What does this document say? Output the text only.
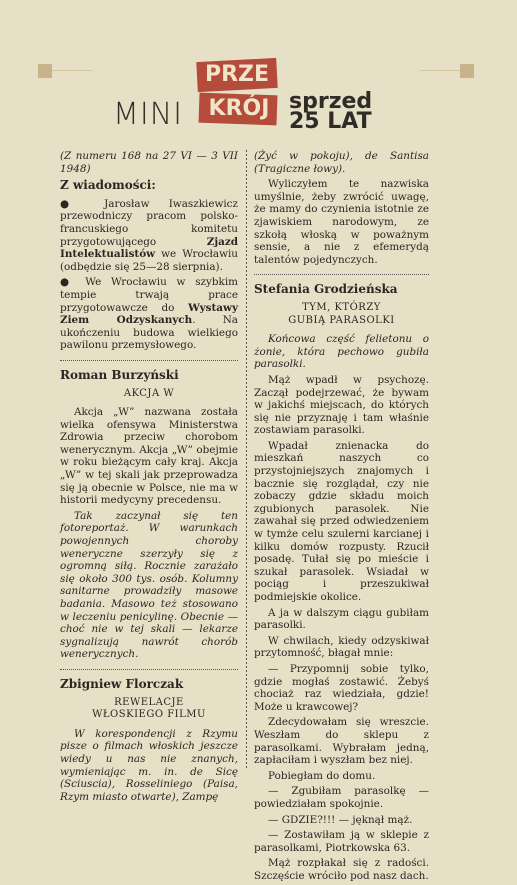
MINI
PRZE
KRÓJ sprzed
25 LAT

(Z numeru 168 na 27 VI — 3 VII 1948)

Z wiadomości:

● Jarosław Iwaszkiewicz przewodniczy pracom polsko-francuskiego komitetu przygotowującego Zjazd Intelektualistów we Wrocławiu (odbędzie się 25—28 sierpnia).

● We Wrocławiu w szybkim tempie trwają prace przygotowawcze do Wystawy Ziem Odzyskanych. Na ukończeniu budowa wielkiego pawilonu przemysłowego.

Roman Burzyński
AKCJA W

Akcja „W” nazwana została wielka ofensywa Ministerstwa Zdrowia przeciw chorobom wenerycznym. Akcja „W” obejmie w roku bieżącym cały kraj. Akcja „W” w tej skali jak przeprowadza się ją obecnie w Polsce, nie ma w historii medycyny precedensu.

Tak zaczynał się ten fotoreportaż. W warunkach powojennych choroby weneryczne szerzyły się z ogromną siłą. Rocznie zarażało się około 300 tys. osób. Kolumny sanitarne prowadziły masowe badania. Masowo też stosowano w leczeniu penicylinę. Obecnie — choć nie w tej skali — lekarze sygnalizują nawrót chorób wenerycznych.

Zbigniew Florczak
REWELACJE
WŁOSKIEGO FILMU

W korespondencji z Rzymu pisze o filmach włoskich jeszcze wiedy u nas nie znanych, wymieniając m. in. de Sicę (Sciuscia), Rosseliniego (Paisa, Rzym miasto otwarte), Zampę

(Żyć w pokoju), de Santisa (Tragiczne łowy).

Wyliczyłem te nazwiska umyślnie, żeby zwrócić uwagę, że mamy do czynienia istotnie ze zjawiskiem narodowym, ze szkołą włoską w poważnym sensie, a nie z efemerydą talentów pojedynczych.

Stefania Grodzieńska
TYM, KTÓRZY
GUBIĄ PARASOLKI

Końcowa część felietonu o żonie, która pechowo gubiła parasolki.

Mąż wpadł w psychozę. Zaczął podejrzewać, że bywam w jakichś miejscach, do których się nie przyznaję i tam właśnie zostawiam parasolki.

Wpadał znienacka do mieszkań naszych co przystojniejszych znajomych i bacznie się rozglądał, czy nie zobaczy gdzie składu moich zgubionych parasolek. Nie zawahał się przed odwiedzeniem w tymże celu szulerni karcianej i kilku domów rozpusty. Rzucił posadę. Tułał się po mieście i szukał parasolek. Wsiadał w pociąg i przeszukiwał podmiejskie okolice.

A ja w dalszym ciągu gubiłam parasolki.

W chwilach, kiedy odzyskiwał przytomność, błagał mnie:

— Przypomnij sobie tylko, gdzie mogłaś zostawić. Żebyś chociaż raz wiedziała, gdzie! Może u krawcowej?

Zdecydowałam się wreszcie. Weszłam do sklepu z parasolkami. Wybrałam jedną, zapłaciłam i wyszłam bez niej.

Pobiegłam do domu.

— Zgubiłam parasolkę — powiedziałam spokojnie.

— GDZIE?!!! — jęknął mąż.

— Zostawiłam ją w sklepie z parasolkami, Piotrkowska 63.

Mąż rozpłakał się z radości. Szczęście wróciło pod nasz dach.
